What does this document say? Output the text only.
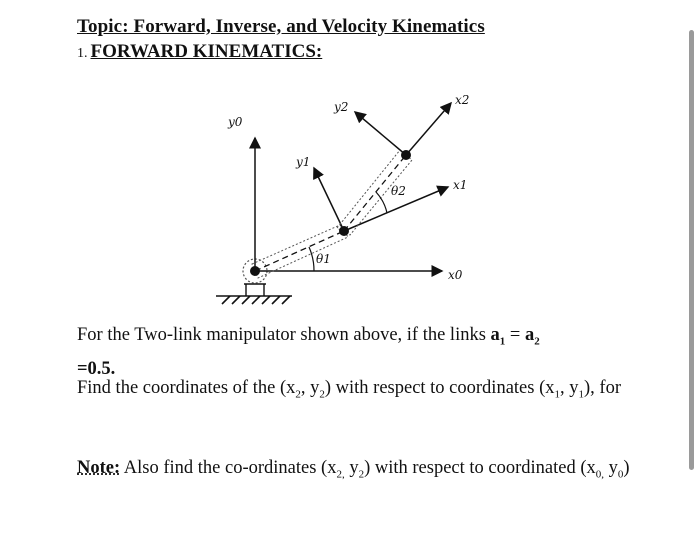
Topic: Forward, Inverse, and Velocity Kinematics
1. FORWARD KINEMATICS:
y0
y1
y2
x0
x1
x2
θ1
θ2
For the Two-link manipulator shown above, if the links $a_1 = a_2$
=0.5.
Find the coordinates of the ($x_2$, $y_2$) with respect to coordinates ($x_1$, $y_1$), for
Note: Also find the co-ordinates ($x_{2,}$ $y_2$) with respect to coordinated ($x_{0,}$ $y_0$)
